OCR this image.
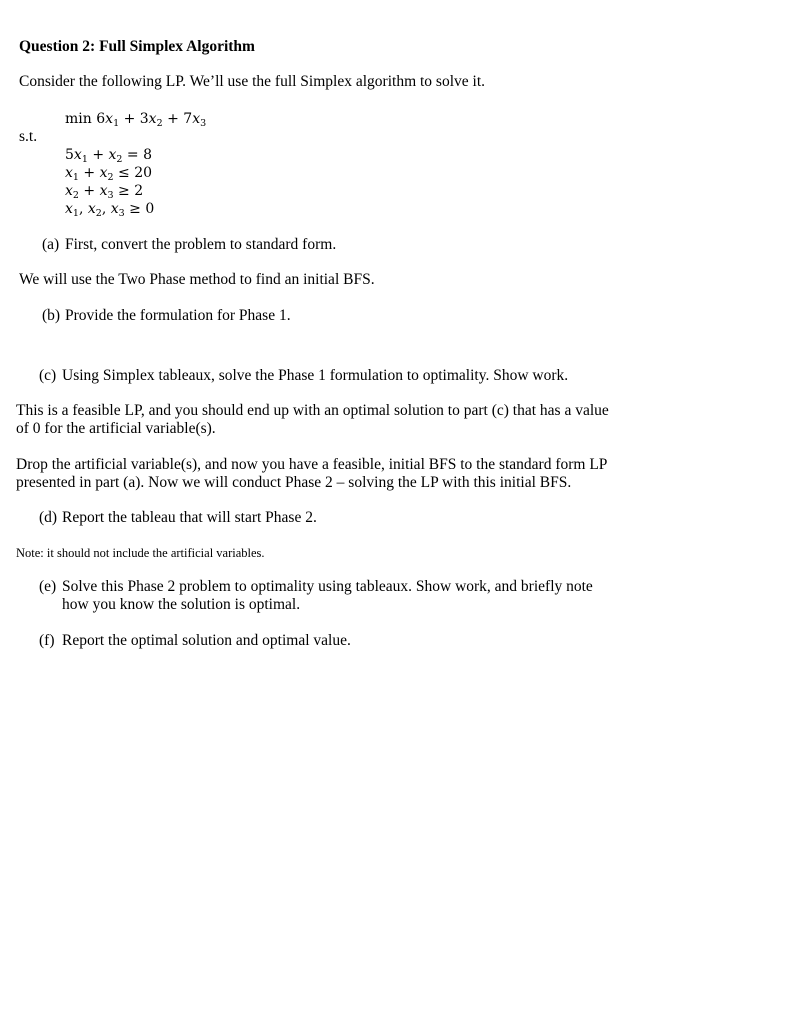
Question 2: Full Simplex Algorithm
Consider the following LP. We’ll use the full Simplex algorithm to solve it.
$\min 6x_1 + 3x_2 + 7x_3$
s.t.
$5x_1 + x_2 = 8$
$x_1 + x_2 \le 20$
$x_2 + x_3 \ge 2$
$x_1$, $x_2$, $x_3 \ge 0$
(a) First, convert the problem to standard form.
We will use the Two Phase method to find an initial BFS.
(b) Provide the formulation for Phase 1.
(c) Using Simplex tableaux, solve the Phase 1 formulation to optimality. Show work.
This is a feasible LP, and you should end up with an optimal solution to part (c) that has a value
of 0 for the artificial variable(s).
Drop the artificial variable(s), and now you have a feasible, initial BFS to the standard form LP
presented in part (a). Now we will conduct Phase 2 – solving the LP with this initial BFS.
(d) Report the tableau that will start Phase 2.
Note: it should not include the artificial variables.
(e) Solve this Phase 2 problem to optimality using tableaux. Show work, and briefly note
how you know the solution is optimal.
(f) Report the optimal solution and optimal value.
